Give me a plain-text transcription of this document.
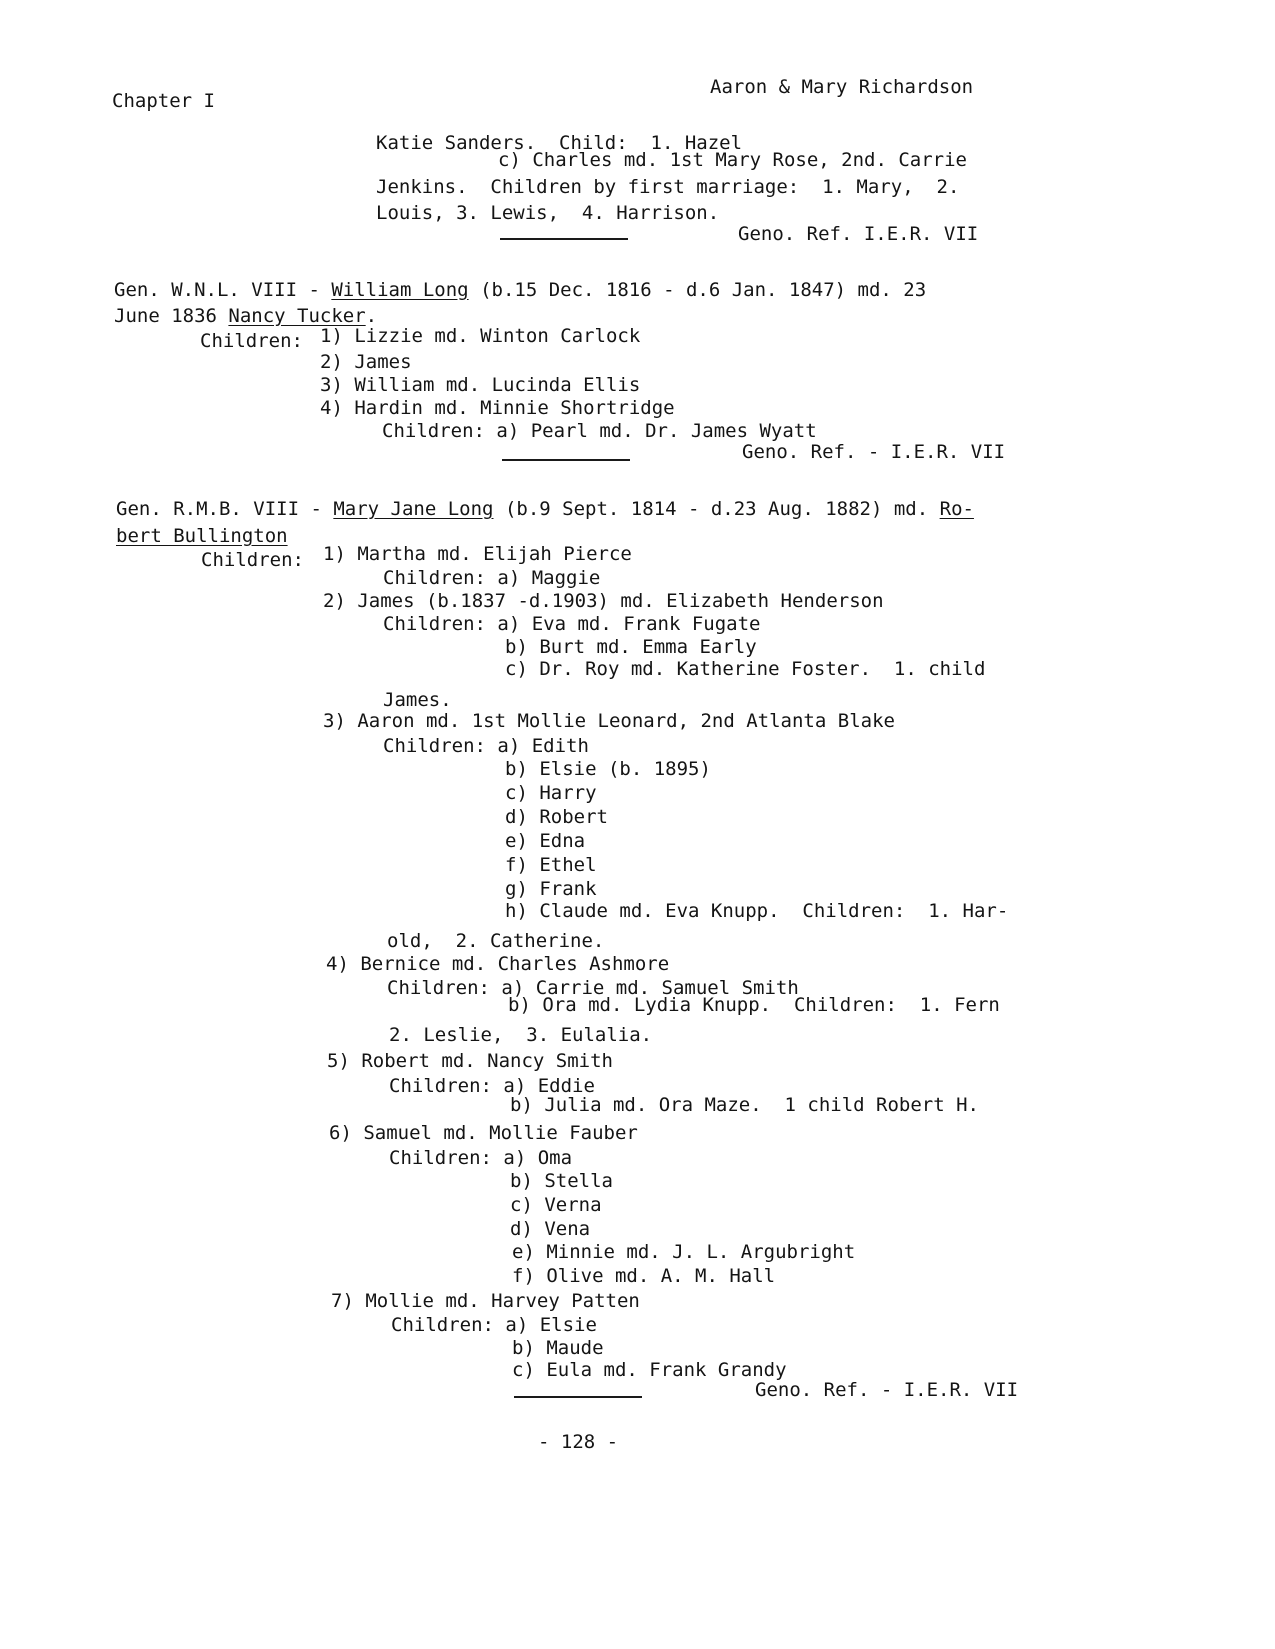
Chapter I
Aaron & Mary Richardson
Katie Sanders.  Child:  1. Hazel
c) Charles md. 1st Mary Rose, 2nd. Carrie
Jenkins.  Children by first marriage:  1. Mary,  2.
Louis, 3. Lewis,  4. Harrison.
Geno. Ref. I.E.R. VII
Gen. W.N.L. VIII - William Long (b.15 Dec. 1816 - d.6 Jan. 1847) md. 23
June 1836 Nancy Tucker.
Children: 1) Lizzie md. Winton Carlock
2) James
3) William md. Lucinda Ellis
4) Hardin md. Minnie Shortridge
Children: a) Pearl md. Dr. James Wyatt
Geno. Ref. - I.E.R. VII
Gen. R.M.B. VIII - Mary Jane Long (b.9 Sept. 1814 - d.23 Aug. 1882) md. Ro-
bert Bullington
Children: 1) Martha md. Elijah Pierce
Children: a) Maggie
2) James (b.1837 -d.1903) md. Elizabeth Henderson
Children: a) Eva md. Frank Fugate
b) Burt md. Emma Early
c) Dr. Roy md. Katherine Foster.  1. child
James.
3) Aaron md. 1st Mollie Leonard, 2nd Atlanta Blake
Children: a) Edith
b) Elsie (b. 1895)
c) Harry
d) Robert
e) Edna
f) Ethel
g) Frank
h) Claude md. Eva Knupp.  Children:  1. Har-
old,  2. Catherine.
4) Bernice md. Charles Ashmore
Children: a) Carrie md. Samuel Smith
b) Ora md. Lydia Knupp.  Children:  1. Fern
2. Leslie,  3. Eulalia.
5) Robert md. Nancy Smith
Children: a) Eddie
b) Julia md. Ora Maze.  1 child Robert H.
6) Samuel md. Mollie Fauber
Children: a) Oma
b) Stella
c) Verna
d) Vena
e) Minnie md. J. L. Argubright
f) Olive md. A. M. Hall
7) Mollie md. Harvey Patten
Children: a) Elsie
b) Maude
c) Eula md. Frank Grandy
Geno. Ref. - I.E.R. VII
- 128 -
